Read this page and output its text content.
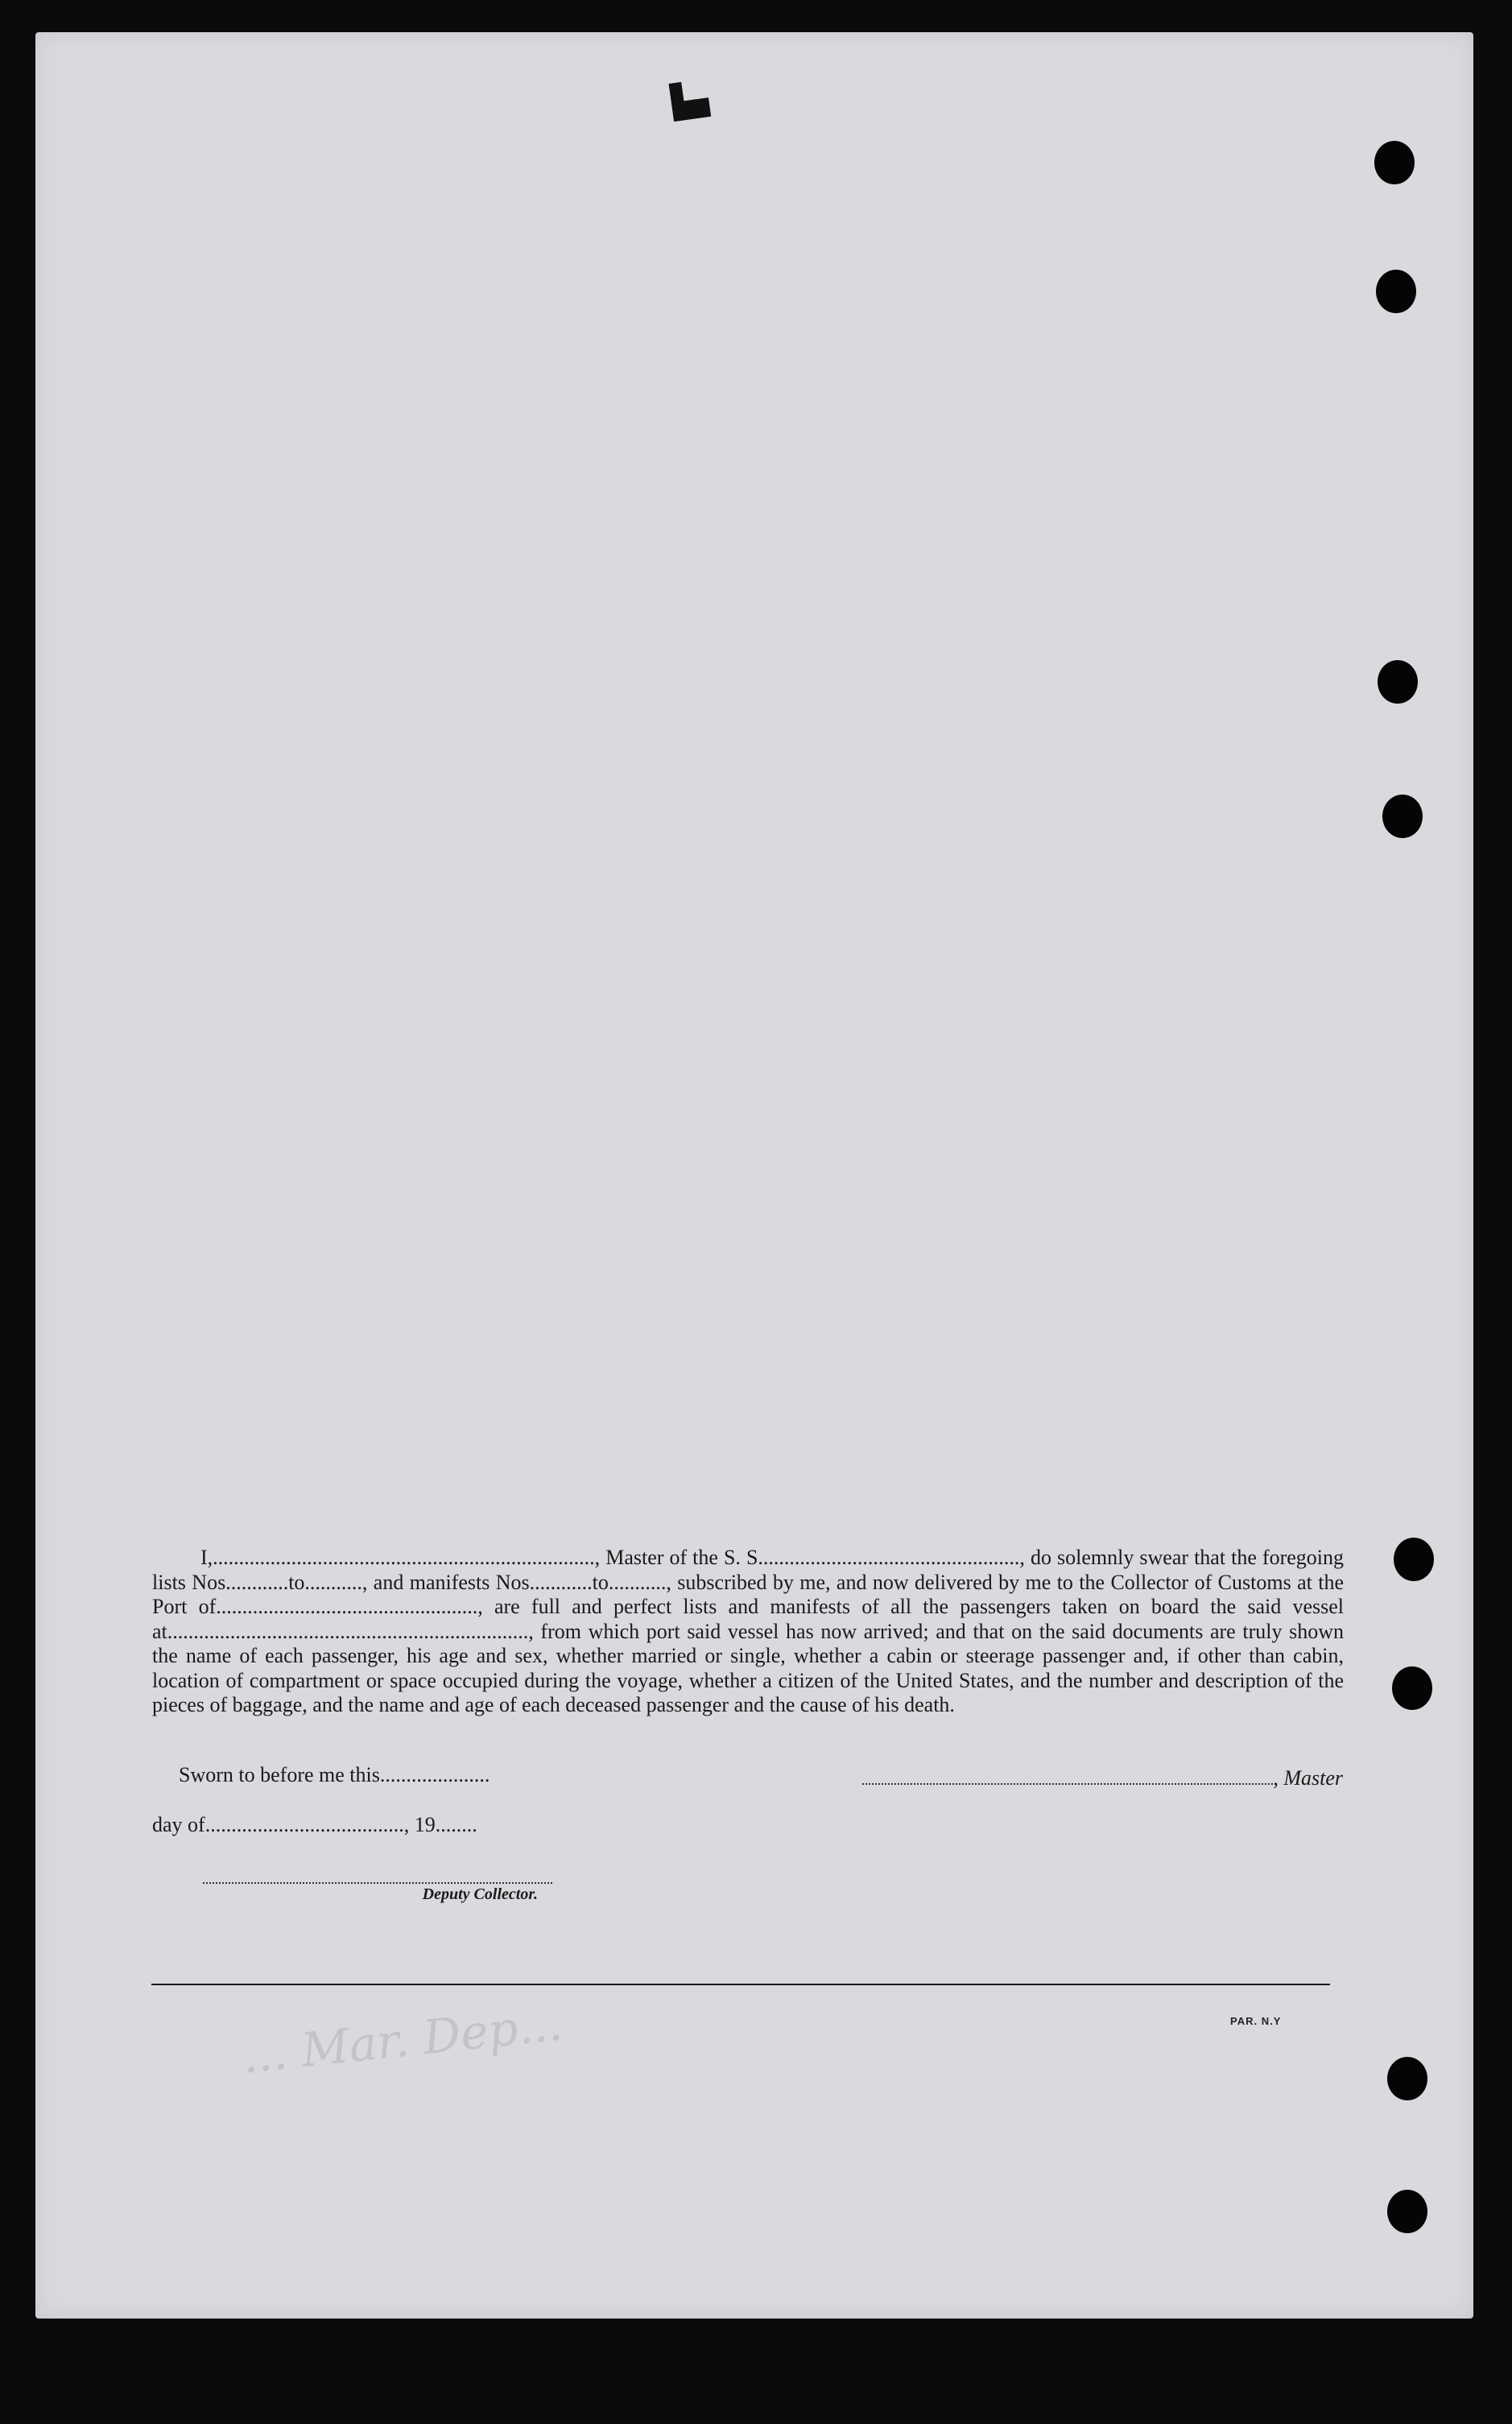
▙▖

I,........................................................................., Master of the S. S.................................................., do solemnly swear that the foregoing lists Nos............to..........., and manifests Nos............to..........., subscribed by me, and now delivered by me to the Collector of Customs at the Port of.................................................., are full and perfect lists and manifests of all the passengers taken on board the said vessel at....................................................................., from which port said vessel has now arrived; and that on the said documents are truly shown the name of each passenger, his age and sex, whether married or single, whether a cabin or steerage passenger and, if other than cabin, location of compartment or space occupied during the voyage, whether a citizen of the United States, and the number and description of the pieces of baggage, and the name and age of each deceased passenger and the cause of his death.

Sworn to before me this.....................	, Master
day of......................................, 19........
Deputy Collector.
PAR. N.Y
... Mar. Dep...
